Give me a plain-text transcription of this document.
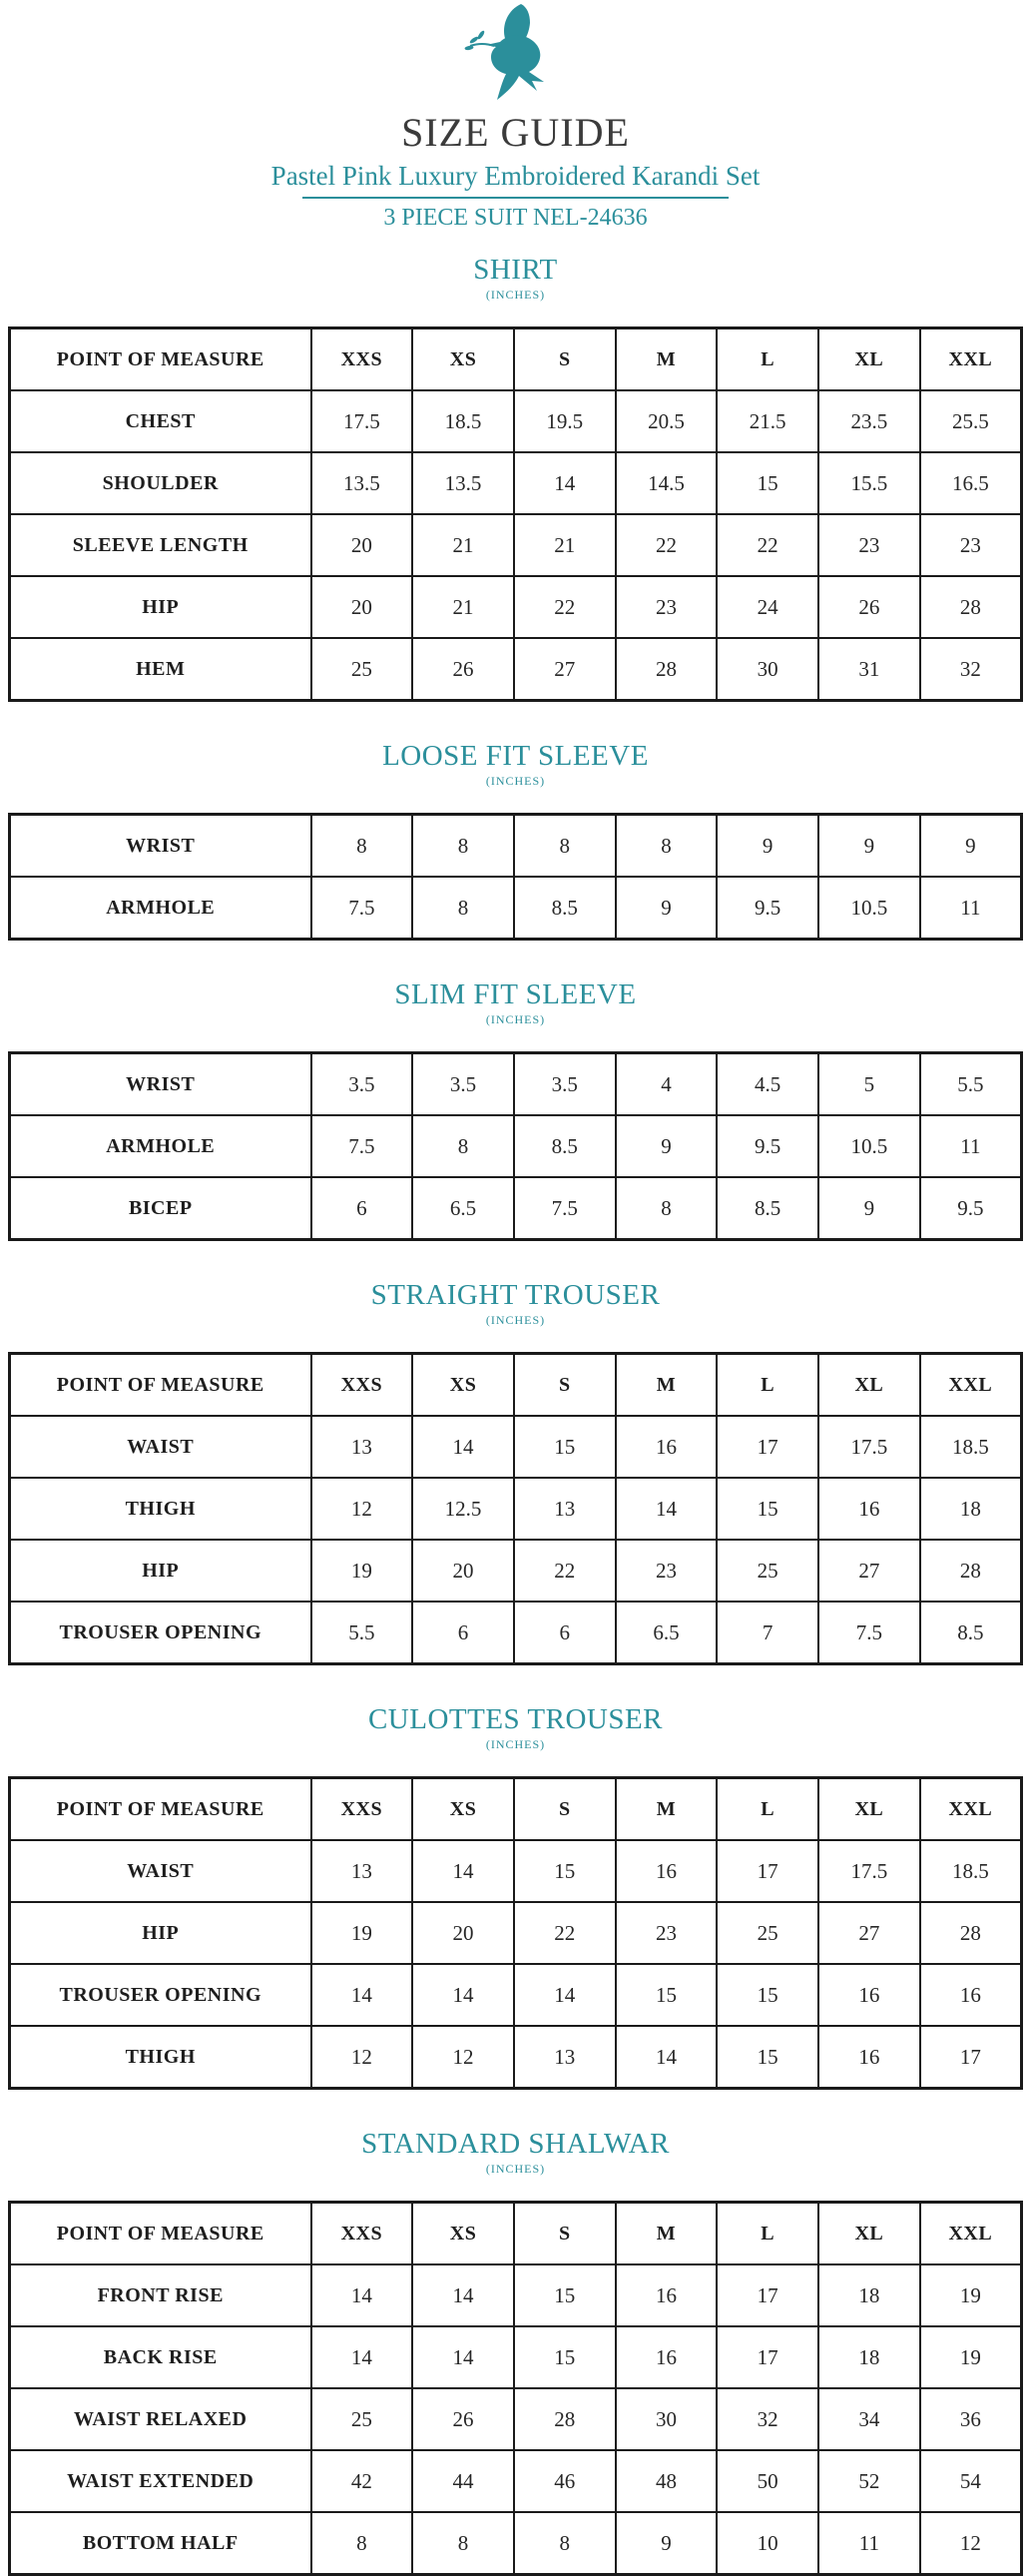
SIZE GUIDE

Pastel Pink Luxury Embroidered Karandi Set

3 PIECE SUIT NEL-24636

SHIRT
(INCHES)
POINT OF MEASURE	XXS	XS	S	M	L	XL	XXL
CHEST	17.5	18.5	19.5	20.5	21.5	23.5	25.5
SHOULDER	13.5	13.5	14	14.5	15	15.5	16.5
SLEEVE LENGTH	20	21	21	22	22	23	23
HIP	20	21	22	23	24	26	28
HEM	25	26	27	28	30	31	32
LOOSE FIT SLEEVE
(INCHES)
WRIST	8	8	8	8	9	9	9
ARMHOLE	7.5	8	8.5	9	9.5	10.5	11
SLIM FIT SLEEVE
(INCHES)
WRIST	3.5	3.5	3.5	4	4.5	5	5.5
ARMHOLE	7.5	8	8.5	9	9.5	10.5	11
BICEP	6	6.5	7.5	8	8.5	9	9.5
STRAIGHT TROUSER
(INCHES)
POINT OF MEASURE	XXS	XS	S	M	L	XL	XXL
WAIST	13	14	15	16	17	17.5	18.5
THIGH	12	12.5	13	14	15	16	18
HIP	19	20	22	23	25	27	28
TROUSER OPENING	5.5	6	6	6.5	7	7.5	8.5
CULOTTES TROUSER
(INCHES)
POINT OF MEASURE	XXS	XS	S	M	L	XL	XXL
WAIST	13	14	15	16	17	17.5	18.5
HIP	19	20	22	23	25	27	28
TROUSER OPENING	14	14	14	15	15	16	16
THIGH	12	12	13	14	15	16	17
STANDARD SHALWAR
(INCHES)
POINT OF MEASURE	XXS	XS	S	M	L	XL	XXL
FRONT RISE	14	14	15	16	17	18	19
BACK RISE	14	14	15	16	17	18	19
WAIST RELAXED	25	26	28	30	32	34	36
WAIST EXTENDED	42	44	46	48	50	52	54
BOTTOM HALF	8	8	8	9	10	11	12
